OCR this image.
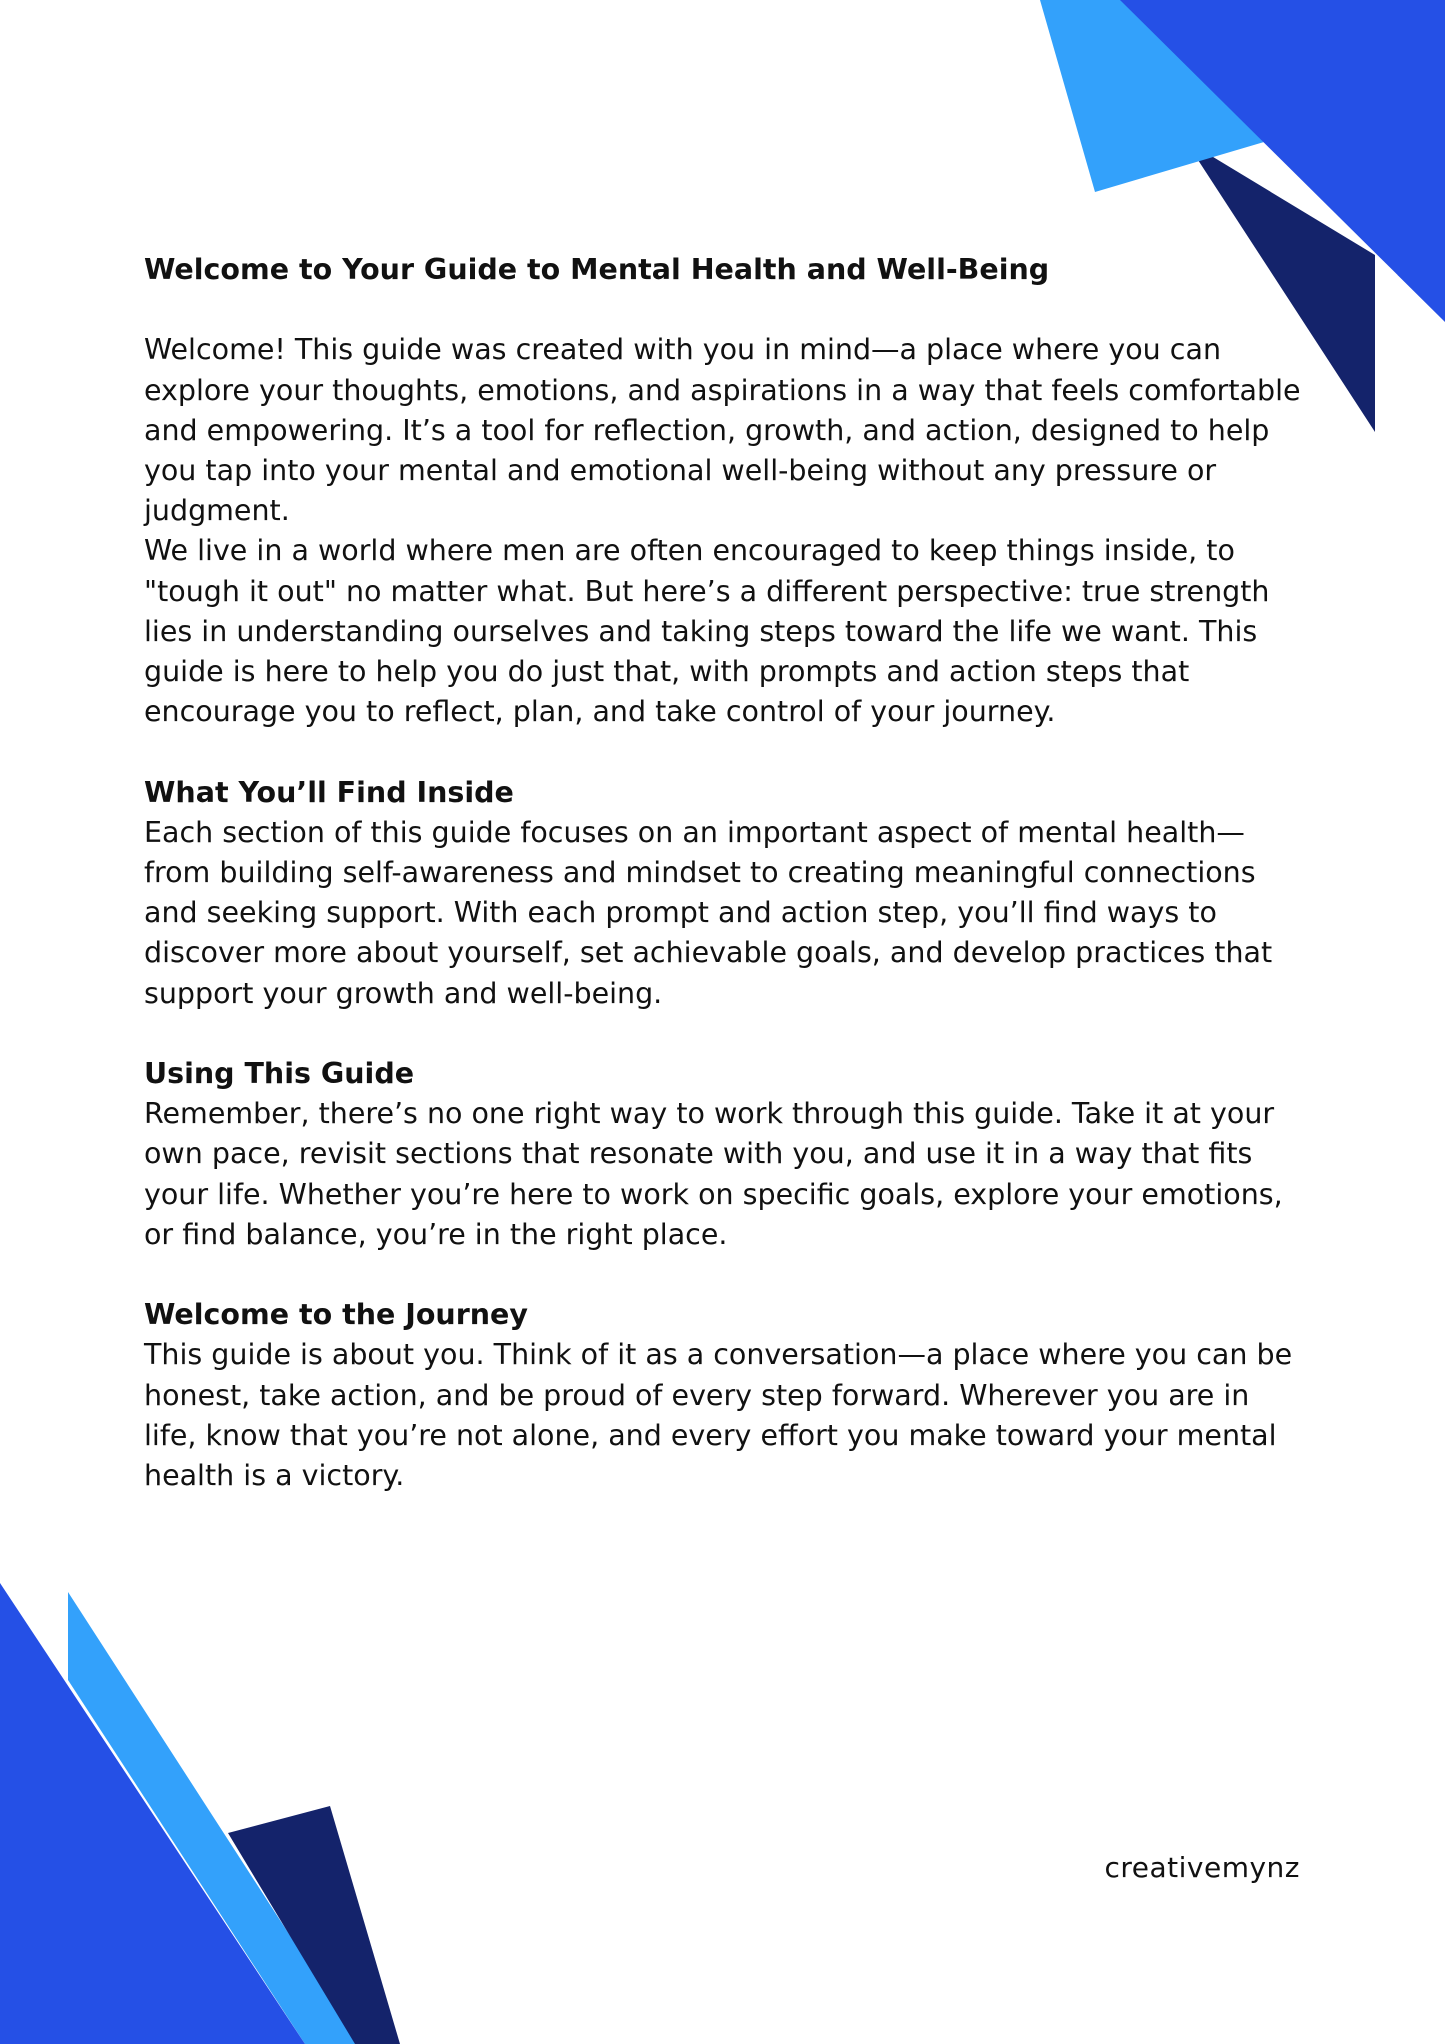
Welcome to Your Guide to Mental Health and Well-Being

Welcome! This guide was created with you in mind—a place where you can explore your thoughts, emotions, and aspirations in a way that feels comfortable and empowering. It’s a tool for reflection, growth, and action, designed to help you tap into your mental and emotional well-being without any pressure or judgment.

We live in a world where men are often encouraged to keep things inside, to "tough it out" no matter what. But here’s a different perspective: true strength lies in understanding ourselves and taking steps toward the life we want. This guide is here to help you do just that, with prompts and action steps that encourage you to reflect, plan, and take control of your journey.

What You’ll Find Inside

Each section of this guide focuses on an important aspect of mental health—from building self-awareness and mindset to creating meaningful connections and seeking support. With each prompt and action step, you’ll find ways to discover more about yourself, set achievable goals, and develop practices that support your growth and well-being.

Using This Guide

Remember, there’s no one right way to work through this guide. Take it at your own pace, revisit sections that resonate with you, and use it in a way that fits your life. Whether you’re here to work on specific goals, explore your emotions, or find balance, you’re in the right place.

Welcome to the Journey

This guide is about you. Think of it as a conversation—a place where you can be honest, take action, and be proud of every step forward. Wherever you are in life, know that you’re not alone, and every effort you make toward your mental health is a victory.

creativemynz
